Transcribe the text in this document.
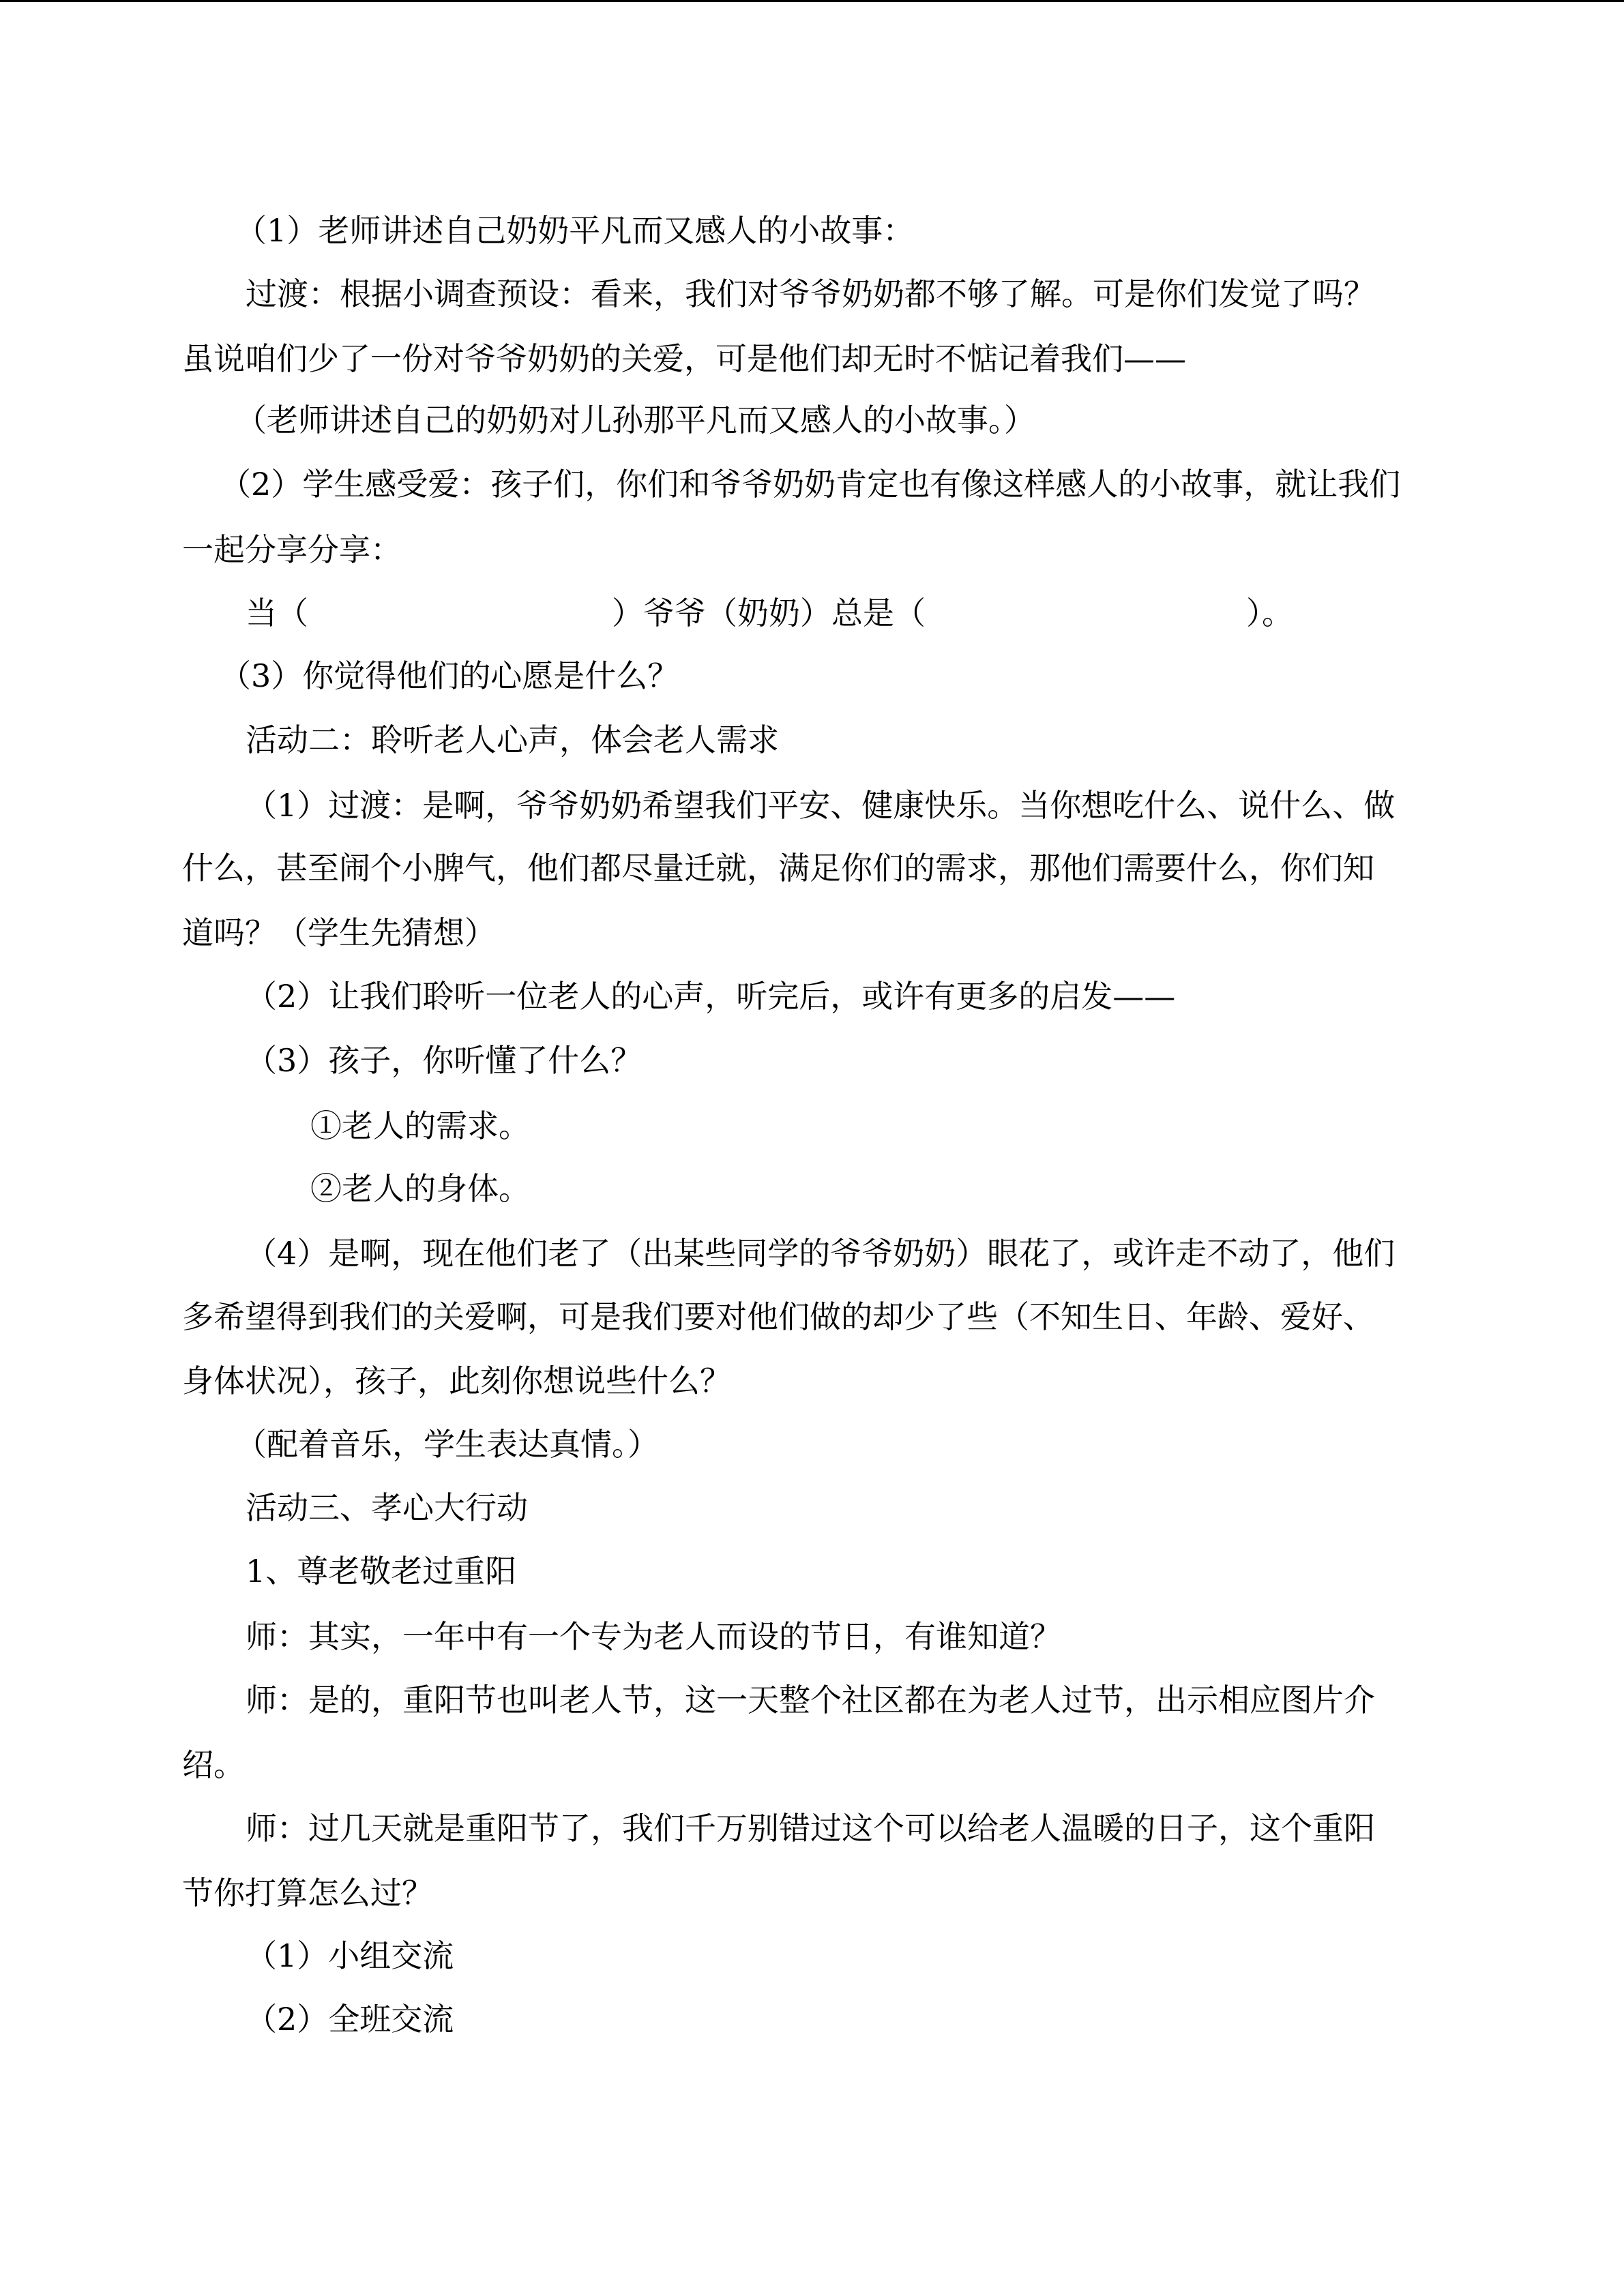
（1）老师讲述自己奶奶平凡而又感人的小故事：

过渡：根据小调查预设：看来，我们对爷爷奶奶都不够了解。可是你们发觉了吗？

虽说咱们少了一份对爷爷奶奶的关爱，可是他们却无时不惦记着我们——

（老师讲述自己的奶奶对儿孙那平凡而又感人的小故事。）

（2）学生感受爱：孩子们，你们和爷爷奶奶肯定也有像这样感人的小故事，就让我们

一起分享分享：

当（	）爷爷（奶奶）总是（	）。

（3）你觉得他们的心愿是什么？

活动二：聆听老人心声，体会老人需求

（1）过渡：是啊，爷爷奶奶希望我们平安、健康快乐。当你想吃什么、说什么、做

什么，甚至闹个小脾气，他们都尽量迁就，满足你们的需求，那他们需要什么，你们知

道吗？（学生先猜想）

（2）让我们聆听一位老人的心声，听完后，或许有更多的启发——

（3）孩子，你听懂了什么？

①老人的需求。

②老人的身体。

（4）是啊，现在他们老了（出某些同学的爷爷奶奶）眼花了，或许走不动了，他们

多希望得到我们的关爱啊，可是我们要对他们做的却少了些（不知生日、年龄、爱好、

身体状况），孩子，此刻你想说些什么？

（配着音乐，学生表达真情。）

活动三、孝心大行动

1、尊老敬老过重阳

师：其实，一年中有一个专为老人而设的节日，有谁知道？

师：是的，重阳节也叫老人节，这一天整个社区都在为老人过节，出示相应图片介

绍。

师：过几天就是重阳节了，我们千万别错过这个可以给老人温暖的日子，这个重阳

节你打算怎么过？

（1）小组交流

（2）全班交流
